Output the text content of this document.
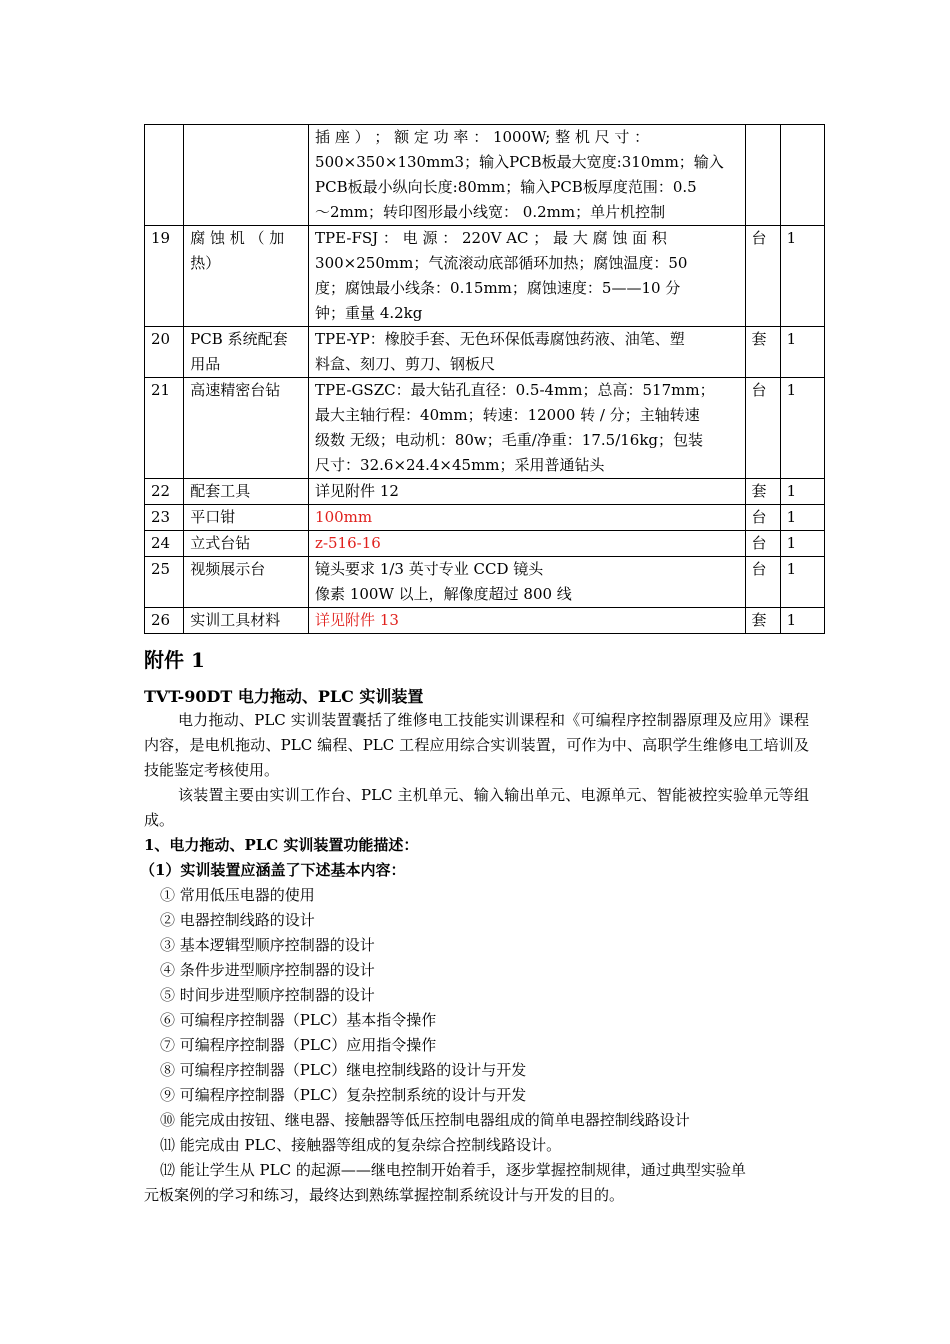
		插 座 ） ； 额 定 功 率 ： 1000W; 整 机 尺 寸 ：
500×350×130mm3；输入PCB板最大宽度:310mm；输入
PCB板最小纵向长度:80mm；输入PCB板厚度范围：0.5
～2mm；转印图形最小线宽： 0.2mm；单片机控制		

19	腐 蚀 机 （ 加
热）	TPE-FSJ ： 电 源 ： 220V AC ； 最 大 腐 蚀 面 积
300×250mm；气流滚动底部循环加热；腐蚀温度：50
度；腐蚀最小线条：0.15mm；腐蚀速度：5——10 分
钟；重量 4.2kg	台	1
20	PCB 系统配套
用品	TPE-YP：橡胶手套、无色环保低毒腐蚀药液、油笔、塑
料盒、刻刀、剪刀、钢板尺	套	1
21	高速精密台钻	TPE-GSZC：最大钻孔直径：0.5-4mm；总高：517mm；
最大主轴行程：40mm；转速：12000 转 / 分；主轴转速
级数 无级；电动机：80w；毛重/净重：17.5/16kg；包装
尺寸：32.6×24.4×45mm；采用普通钻头	台	1
22	配套工具	详见附件 12	套	1
23	平口钳	100mm	台	1
24	立式台钻	z-516-16	台	1
25	视频展示台	镜头要求 1/3 英寸专业 CCD 镜头
像素 100W 以上，解像度超过 800 线	台	1
26	实训工具材料	详见附件 13	套	1
附件 1
TVT-90DT 电力拖动、PLC 实训装置
电力拖动、PLC 实训装置囊括了维修电工技能实训课程和《可编程序控制器原理及应用》课程内容，是电机拖动、PLC 编程、PLC 工程应用综合实训装置，可作为中、高职学生维修电工培训及技能鉴定考核使用。
该装置主要由实训工作台、PLC 主机单元、输入输出单元、电源单元、智能被控实验单元等组成。
1、电力拖动、PLC 实训装置功能描述：
（1）实训装置应涵盖了下述基本内容：
① 常用低压电器的使用
② 电器控制线路的设计
③ 基本逻辑型顺序控制器的设计
④ 条件步进型顺序控制器的设计
⑤ 时间步进型顺序控制器的设计
⑥ 可编程序控制器（PLC）基本指令操作
⑦ 可编程序控制器（PLC）应用指令操作
⑧ 可编程序控制器（PLC）继电控制线路的设计与开发
⑨ 可编程序控制器（PLC）复杂控制系统的设计与开发
⑩ 能完成由按钮、继电器、接触器等低压控制电器组成的简单电器控制线路设计
⑾ 能完成由 PLC、接触器等组成的复杂综合控制线路设计。
⑿ 能让学生从 PLC 的起源——继电控制开始着手，逐步掌握控制规律，通过典型实验单
元板案例的学习和练习，最终达到熟练掌握控制系统设计与开发的目的。
